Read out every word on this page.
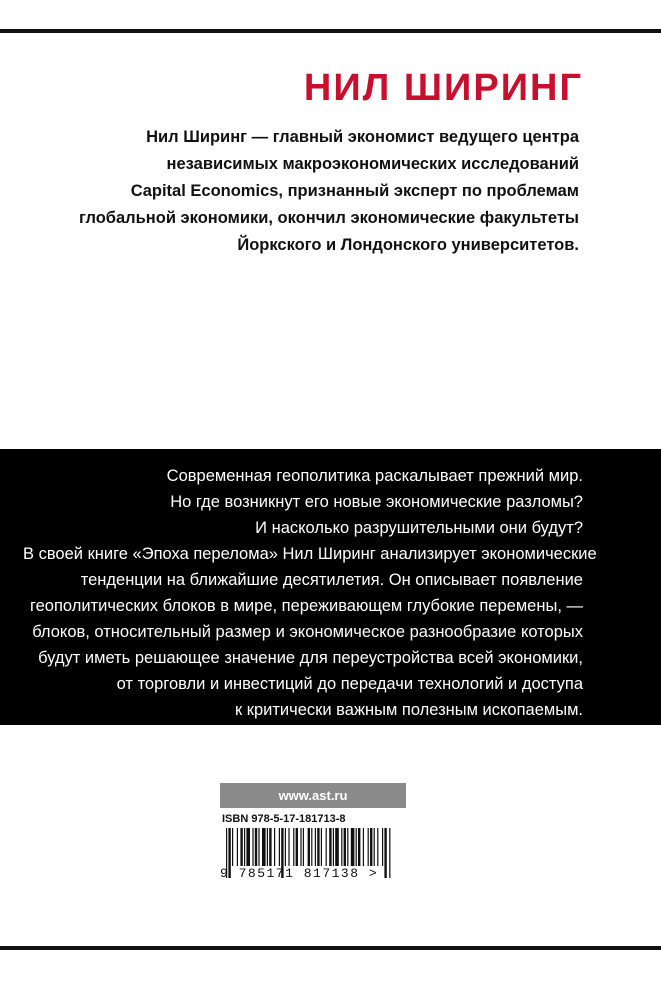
НИЛ ШИРИНГ
Нил Ширинг — главный экономист ведущего центра
независимых макроэкономических исследований
Capital Economics, признанный эксперт по проблемам
глобальной экономики, окончил экономические факультеты
Йоркского и Лондонского университетов.
Современная геополитика раскалывает прежний мир.
Но где возникнут его новые экономические разломы?
И насколько разрушительными они будут?
В своей книге «Эпоха перелома» Нил Ширинг анализирует экономические
тенденции на ближайшие десятилетия. Он описывает появление
геополитических блоков в мире, переживающем глубокие перемены, —
блоков, относительный размер и экономическое разнообразие которых
будут иметь решающее значение для переустройства всей экономики,
от торговли и инвестиций до передачи технологий и доступа
к критически важным полезным ископаемым.
www.ast.ru
ISBN 978-5-17-181713-8
9 785171 817138 >
